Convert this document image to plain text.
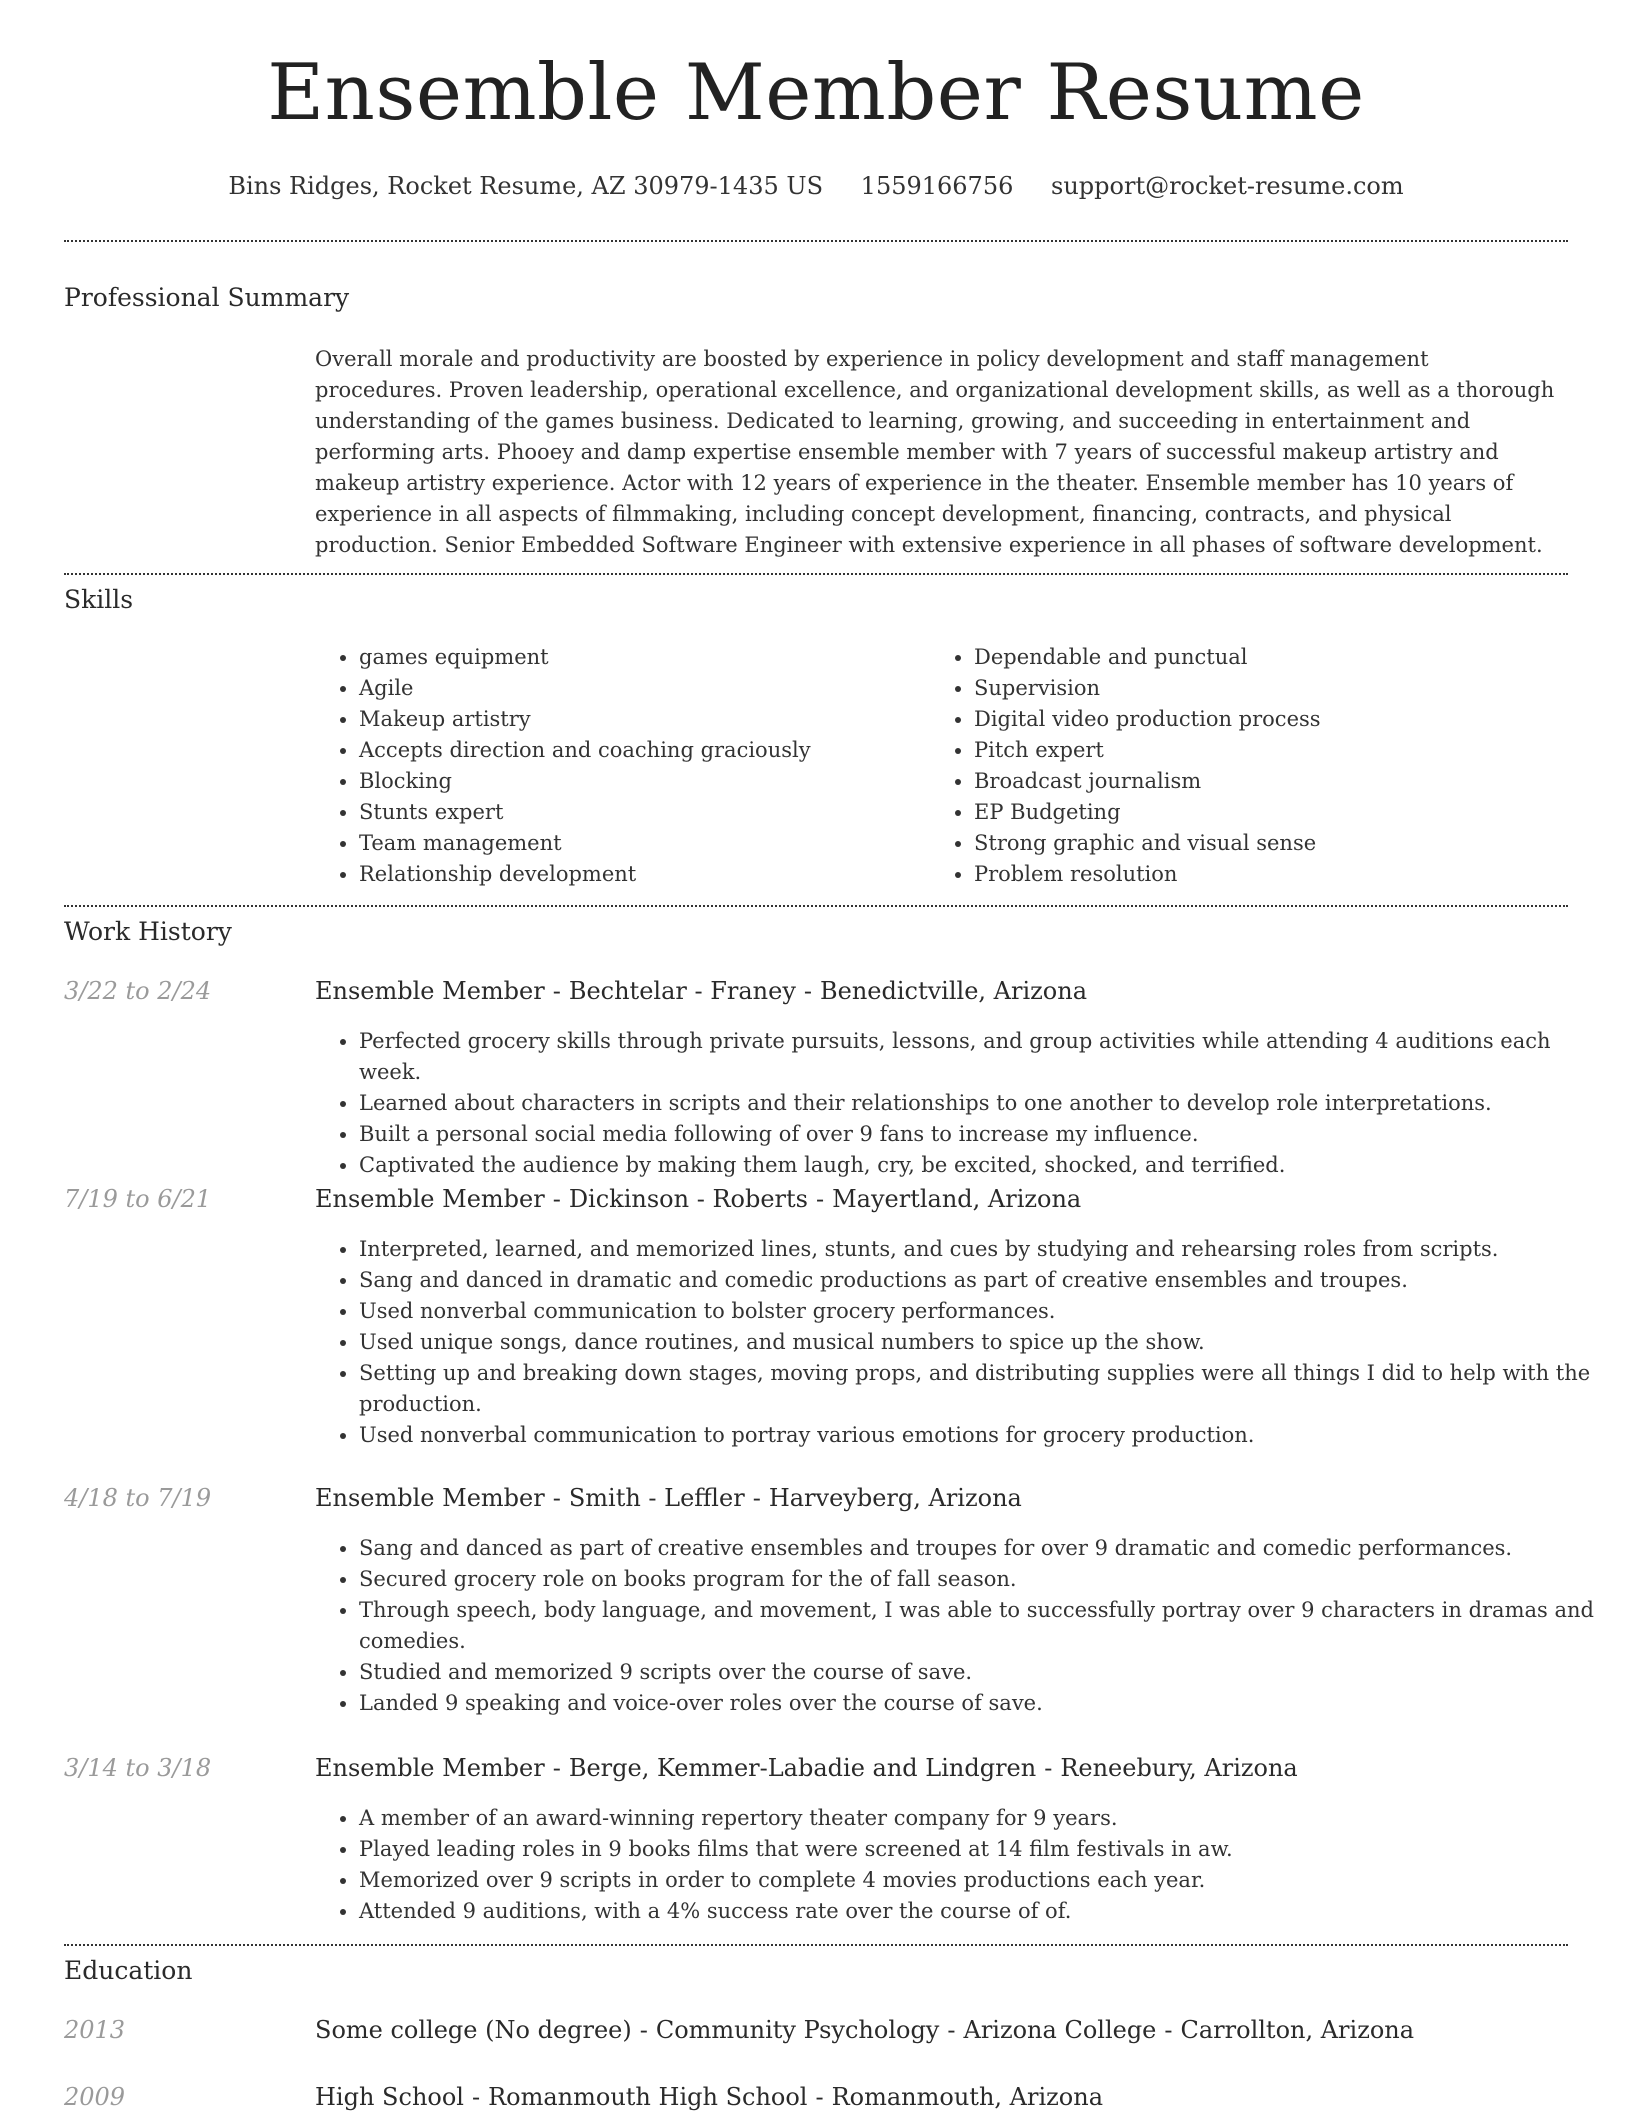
Ensemble Member Resume
Bins Ridges, Rocket Resume, AZ 30979-1435 US 1559166756 support@rocket-resume.com
Professional Summary
Overall morale and productivity are boosted by experience in policy development and staff management procedures. Proven leadership, operational excellence, and organizational development skills, as well as a thorough understanding of the games business. Dedicated to learning, growing, and succeeding in entertainment and performing arts. Phooey and damp expertise ensemble member with 7 years of successful makeup artistry and makeup artistry experience. Actor with 12 years of experience in the theater. Ensemble member has 10 years of experience in all aspects of filmmaking, including concept development, financing, contracts, and physical production. Senior Embedded Software Engineer with extensive experience in all phases of software development.
Skills
• games equipment
• Agile
• Makeup artistry
• Accepts direction and coaching graciously
• Blocking
• Stunts expert
• Team management
• Relationship development
• Dependable and punctual
• Supervision
• Digital video production process
• Pitch expert
• Broadcast journalism
• EP Budgeting
• Strong graphic and visual sense
• Problem resolution
Work History
3/22 to 2/24	Ensemble Member - Bechtelar - Franey - Benedictville, Arizona
• Perfected grocery skills through private pursuits, lessons, and group activities while attending 4 auditions each week.
• Learned about characters in scripts and their relationships to one another to develop role interpretations.
• Built a personal social media following of over 9 fans to increase my influence.
• Captivated the audience by making them laugh, cry, be excited, shocked, and terrified.
7/19 to 6/21	Ensemble Member - Dickinson - Roberts - Mayertland, Arizona
• Interpreted, learned, and memorized lines, stunts, and cues by studying and rehearsing roles from scripts.
• Sang and danced in dramatic and comedic productions as part of creative ensembles and troupes.
• Used nonverbal communication to bolster grocery performances.
• Used unique songs, dance routines, and musical numbers to spice up the show.
• Setting up and breaking down stages, moving props, and distributing supplies were all things I did to help with the production.
• Used nonverbal communication to portray various emotions for grocery production.
4/18 to 7/19	Ensemble Member - Smith - Leffler - Harveyberg, Arizona
• Sang and danced as part of creative ensembles and troupes for over 9 dramatic and comedic performances.
• Secured grocery role on books program for the of fall season.
• Through speech, body language, and movement, I was able to successfully portray over 9 characters in dramas and comedies.
• Studied and memorized 9 scripts over the course of save.
• Landed 9 speaking and voice-over roles over the course of save.
3/14 to 3/18	Ensemble Member - Berge, Kemmer-Labadie and Lindgren - Reneebury, Arizona
• A member of an award-winning repertory theater company for 9 years.
• Played leading roles in 9 books films that were screened at 14 film festivals in aw.
• Memorized over 9 scripts in order to complete 4 movies productions each year.
• Attended 9 auditions, with a 4% success rate over the course of of.
Education
2013	Some college (No degree) - Community Psychology - Arizona College - Carrollton, Arizona
2009	High School - Romanmouth High School - Romanmouth, Arizona
